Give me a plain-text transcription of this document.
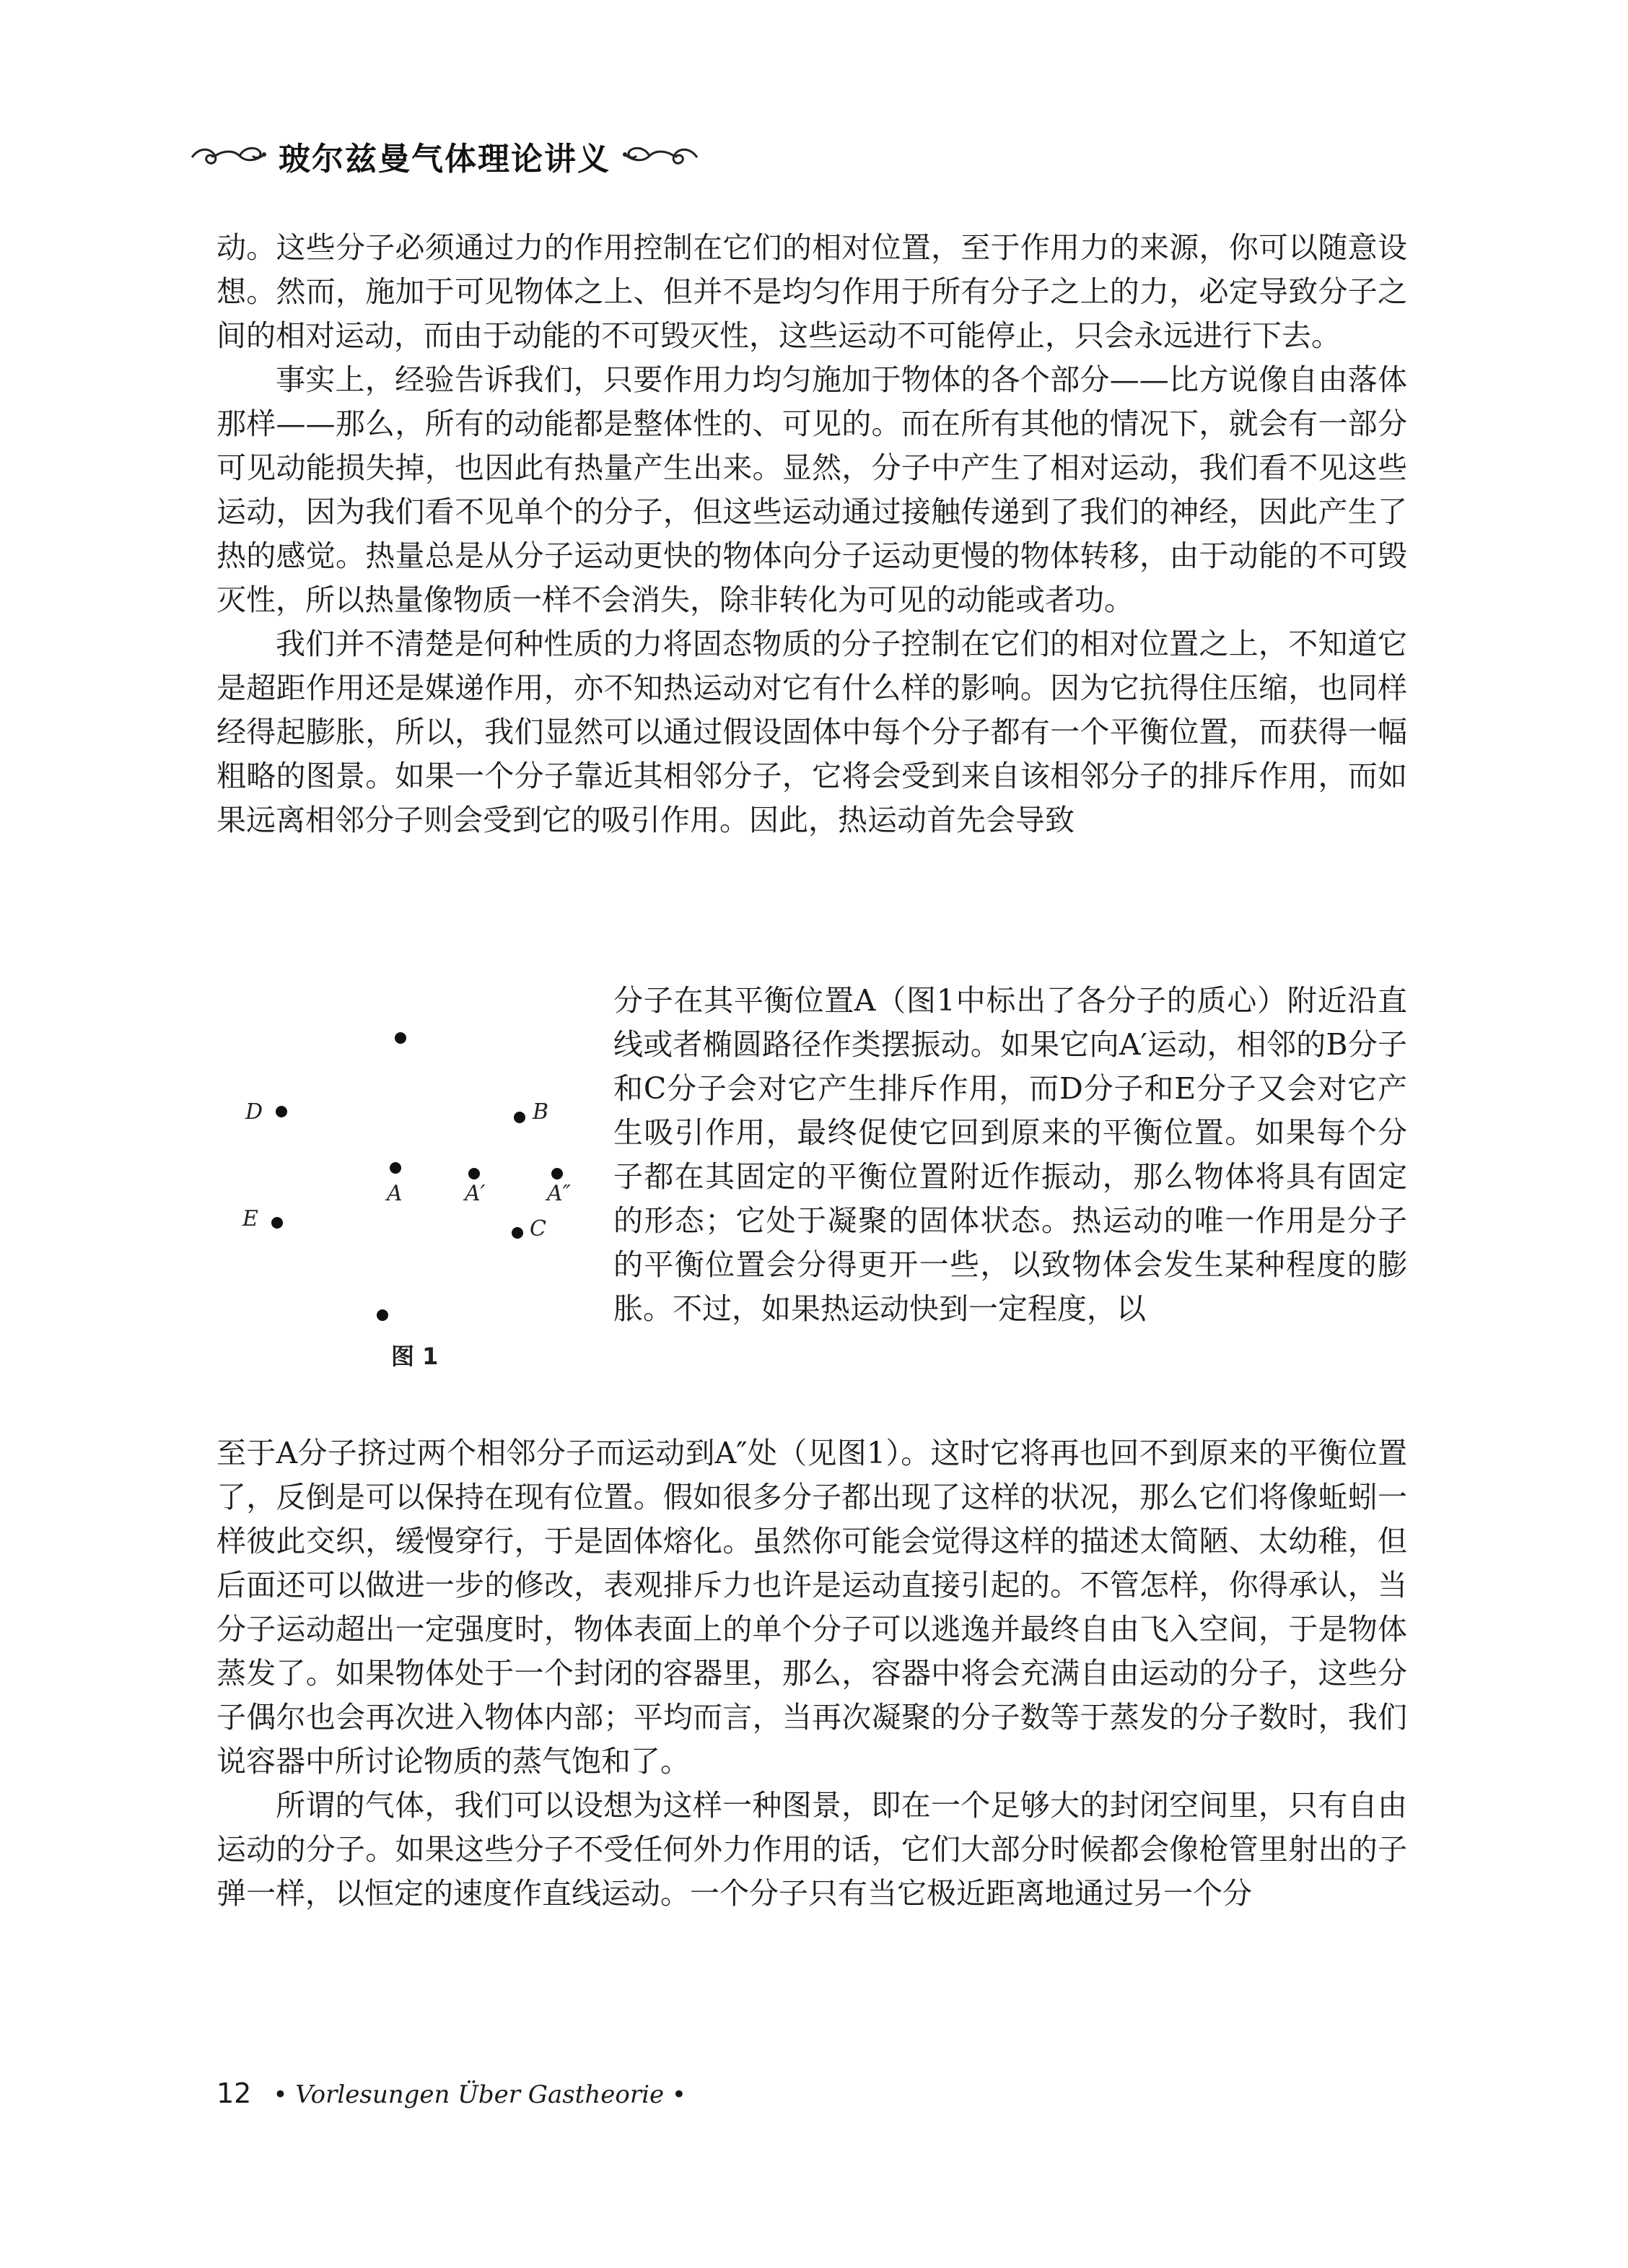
玻尔兹曼气体理论讲义

动。这些分子必须通过力的作用控制在它们的相对位置，至于作用力的来源，你可以随意设想。然而，施加于可见物体之上、但并不是均匀作用于所有分子之上的力，必定导致分子之间的相对运动，而由于动能的不可毁灭性，这些运动不可能停止，只会永远进行下去。

事实上，经验告诉我们，只要作用力均匀施加于物体的各个部分——比方说像自由落体那样——那么，所有的动能都是整体性的、可见的。而在所有其他的情况下，就会有一部分可见动能损失掉，也因此有热量产生出来。显然，分子中产生了相对运动，我们看不见这些运动，因为我们看不见单个的分子，但这些运动通过接触传递到了我们的神经，因此产生了热的感觉。热量总是从分子运动更快的物体向分子运动更慢的物体转移，由于动能的不可毁灭性，所以热量像物质一样不会消失，除非转化为可见的动能或者功。

我们并不清楚是何种性质的力将固态物质的分子控制在它们的相对位置之上，不知道它是超距作用还是媒递作用，亦不知热运动对它有什么样的影响。因为它抗得住压缩，也同样经得起膨胀，所以，我们显然可以通过假设固体中每个分子都有一个平衡位置，而获得一幅粗略的图景。如果一个分子靠近其相邻分子，它将会受到来自该相邻分子的排斥作用，而如果远离相邻分子则会受到它的吸引作用。因此，热运动首先会导致

D	B
A	A′	A″
E	C
图 1

分子在其平衡位置A（图1中标出了各分子的质心）附近沿直线或者椭圆路径作类摆振动。如果它向A′运动，相邻的B分子和C分子会对它产生排斥作用，而D分子和E分子又会对它产生吸引作用，最终促使它回到原来的平衡位置。如果每个分子都在其固定的平衡位置附近作振动，那么物体将具有固定的形态；它处于凝聚的固体状态。热运动的唯一作用是分子的平衡位置会分得更开一些，以致物体会发生某种程度的膨胀。不过，如果热运动快到一定程度，以

至于A分子挤过两个相邻分子而运动到A″处（见图1）。这时它将再也回不到原来的平衡位置了，反倒是可以保持在现有位置。假如很多分子都出现了这样的状况，那么它们将像蚯蚓一样彼此交织，缓慢穿行，于是固体熔化。虽然你可能会觉得这样的描述太简陋、太幼稚，但后面还可以做进一步的修改，表观排斥力也许是运动直接引起的。不管怎样，你得承认，当分子运动超出一定强度时，物体表面上的单个分子可以逃逸并最终自由飞入空间，于是物体蒸发了。如果物体处于一个封闭的容器里，那么，容器中将会充满自由运动的分子，这些分子偶尔也会再次进入物体内部；平均而言，当再次凝聚的分子数等于蒸发的分子数时，我们说容器中所讨论物质的蒸气饱和了。

所谓的气体，我们可以设想为这样一种图景，即在一个足够大的封闭空间里，只有自由运动的分子。如果这些分子不受任何外力作用的话，它们大部分时候都会像枪管里射出的子弹一样，以恒定的速度作直线运动。一个分子只有当它极近距离地通过另一个分

12 • Vorlesungen Über Gastheorie •
